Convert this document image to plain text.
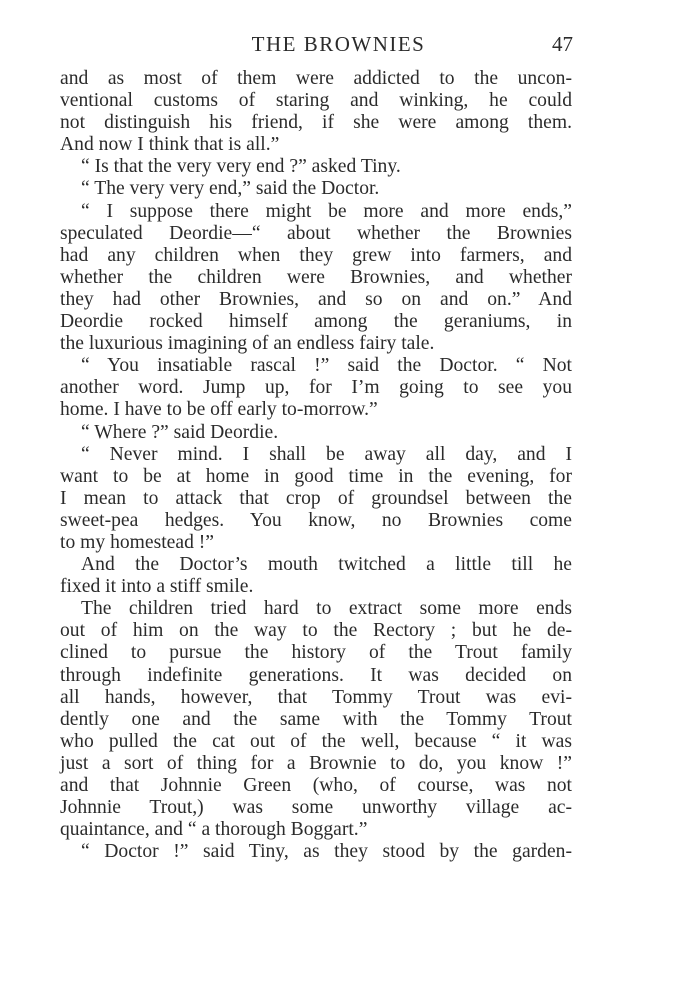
THE BROWNIES	47
and as most of them were addicted to the uncon-
ventional customs of staring and winking, he could
not distinguish his friend, if she were among them.
And now I think that is all.”
“ Is that the very very end ?” asked Tiny.
“ The very very end,” said the Doctor.
“ I suppose there might be more and more ends,”
speculated Deordie—“ about whether the Brownies
had any children when they grew into farmers, and
whether the children were Brownies, and whether
they had other Brownies, and so on and on.” And
Deordie rocked himself among the geraniums, in
the luxurious imagining of an endless fairy tale.
“ You insatiable rascal !” said the Doctor. “ Not
another word. Jump up, for I’m going to see you
home. I have to be off early to-morrow.”
“ Where ?” said Deordie.
“ Never mind. I shall be away all day, and I
want to be at home in good time in the evening, for
I mean to attack that crop of groundsel between the
sweet-pea hedges. You know, no Brownies come
to my homestead !”
And the Doctor’s mouth twitched a little till he
fixed it into a stiff smile.
The children tried hard to extract some more ends
out of him on the way to the Rectory ; but he de-
clined to pursue the history of the Trout family
through indefinite generations. It was decided on
all hands, however, that Tommy Trout was evi-
dently one and the same with the Tommy Trout
who pulled the cat out of the well, because “ it was
just a sort of thing for a Brownie to do, you know !”
and that Johnnie Green (who, of course, was not
Johnnie Trout,) was some unworthy village ac-
quaintance, and “ a thorough Boggart.”
“ Doctor !” said Tiny, as they stood by the garden-
